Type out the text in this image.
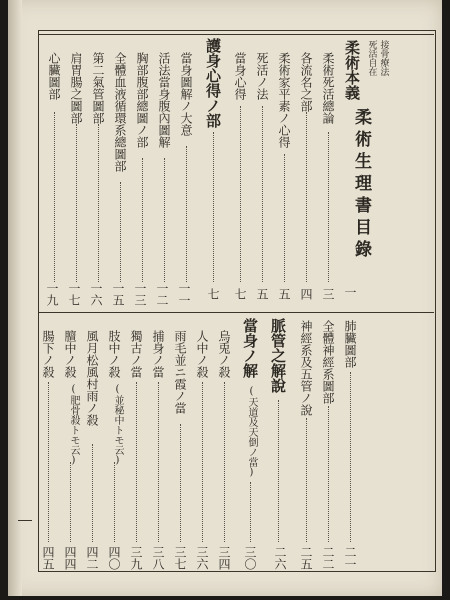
柔術生理書目錄
死活自在 接骨療法
柔術本義
一
柔術死活總論
三
各流名之部
四
柔術家平素ノ心得
五
死活ノ法
五
當身心得
七
護身心得ノ部
七
當身圖解ノ大意
一一
活法當身腹內圖解
一二
胸部腹部總圖ノ部
一三
全體血液循環系總圖部
一五
第二氣管圖部
一六
肩胃腸之圖部
一七
心臟圖部
一九
肺臟圖部
二一
全體神經系圖部
二二
神經系及五管ノ說
二五
脈管之解說
二六
當身ノ解
(天道及天倒ノ當)
三〇
烏兎ノ殺
三四
人中ノ殺
三六
雨毛並ニ霞ノ當
三七
捕身ノ當
三八
獨古ノ當
三九
肢中ノ殺
(並秘中トモ云)
四〇
風月松風村雨ノ殺
四二
膻中ノ殺
(肥骨殺トモ云)
四四
腸下ノ殺
四五
